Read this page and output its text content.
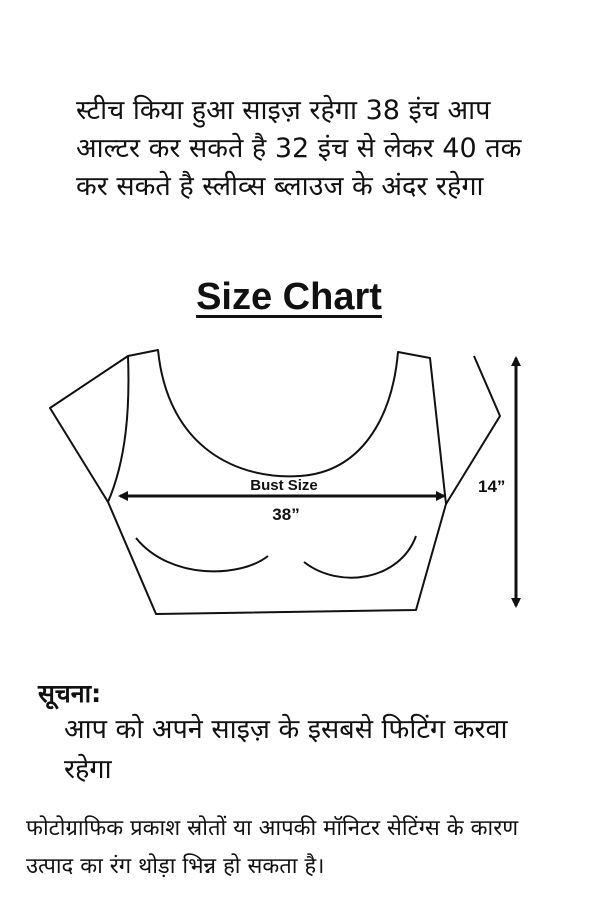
स्टीच किया हुआ साइज़ रहेगा 38 इंच आप
आल्टर कर सकते है 32 इंच से लेकर 40 तक
कर सकते है स्लीव्स ब्लाउज के अंदर रहेगा
Size Chart
Bust Size
38”
14”
सूचना:
आप को अपने साइज़ के इसबसे फिटिंग करवा
रहेगा
फोटोग्राफिक प्रकाश स्रोतों या आपकी मॉनिटर सेटिंग्स के कारण
उत्पाद का रंग थोड़ा भिन्न हो सकता है।
